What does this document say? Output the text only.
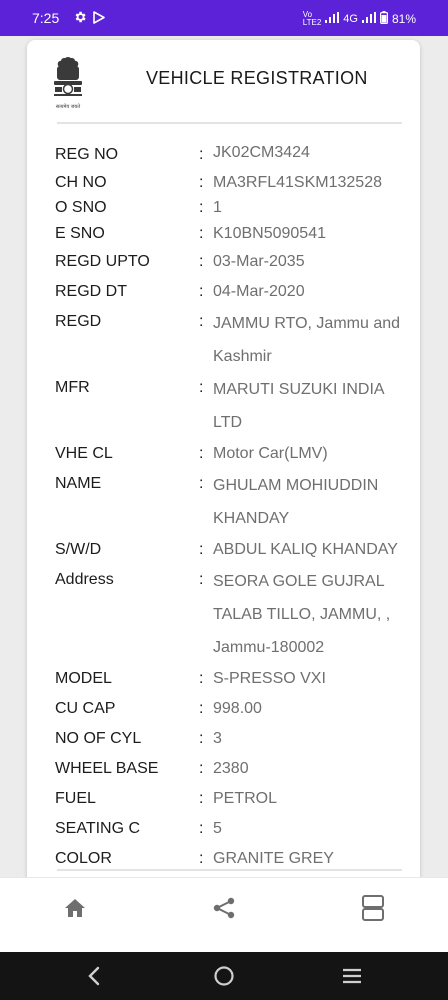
7:25	Vo
LTE2 4G	81%
सत्यमेव जयते
VEHICLE REGISTRATION
REG NO	: JK02CM3424
CH NO	: MA3RFL41SKM132528
O SNO	: 1
E SNO	: K10BN5090541
REGD UPTO	: 03-Mar-2035
REGD DT	: 04-Mar-2020
REGD	: JAMMU RTO, Jammu and Kashmir
MFR	: MARUTI SUZUKI INDIA LTD
VHE CL	: Motor Car(LMV)
NAME	: GHULAM MOHIUDDIN KHANDAY
S/W/D	: ABDUL KALIQ KHANDAY
Address	: SEORA GOLE GUJRAL TALAB TILLO, JAMMU, , Jammu-180002
MODEL	: S-PRESSO VXI
CU CAP	: 998.00
NO OF CYL	: 3
WHEEL BASE	: 2380
FUEL	: PETROL
SEATING C	: 5
COLOR	: GRANITE GREY
